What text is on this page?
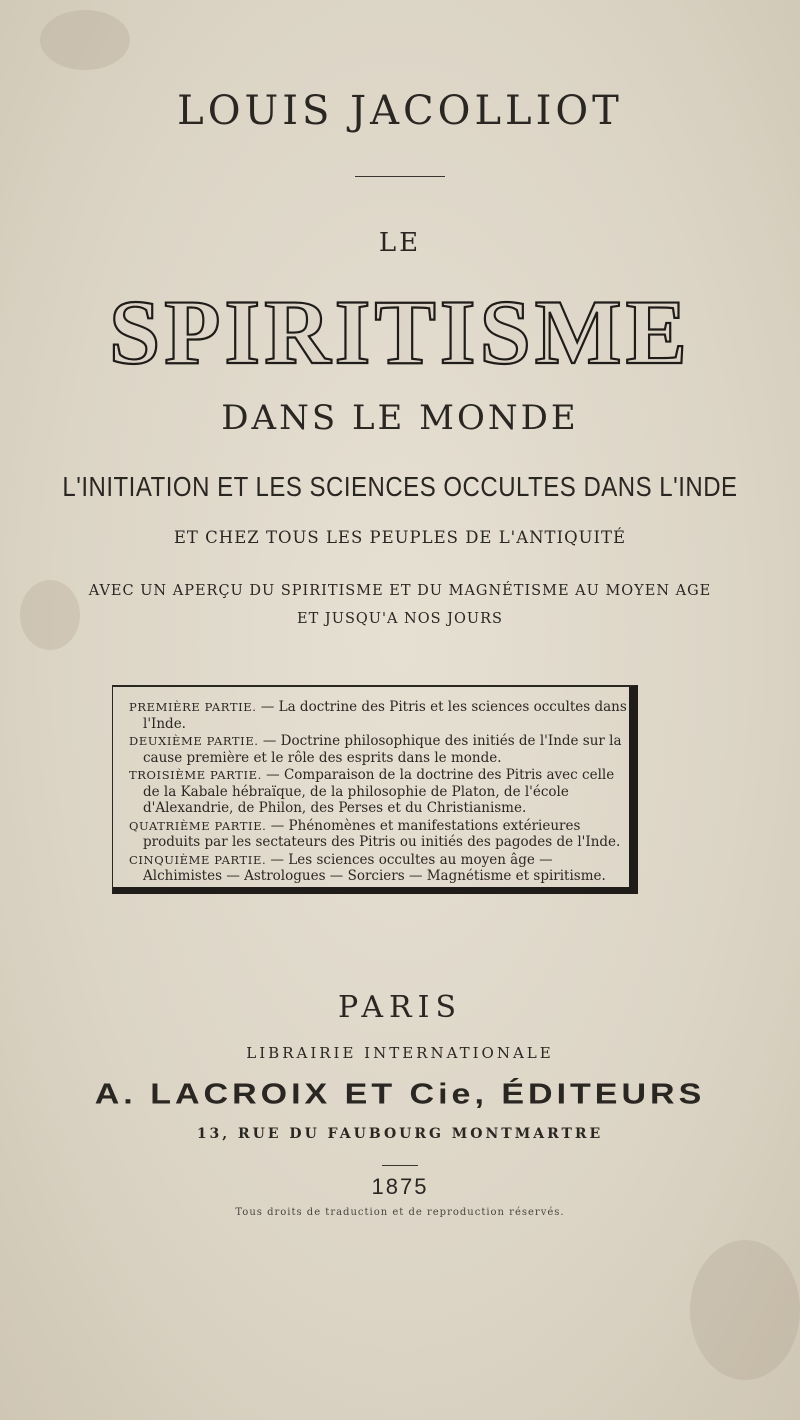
LOUIS JACOLLIOT
LE
SPIRITISME
DANS LE MONDE
L'INITIATION ET LES SCIENCES OCCULTES DANS L'INDE
ET CHEZ TOUS LES PEUPLES DE L'ANTIQUITÉ
AVEC UN APERÇU DU SPIRITISME ET DU MAGNÉTISME AU MOYEN AGE
ET JUSQU'A NOS JOURS

PREMIÈRE PARTIE. — La doctrine des Pitris et les sciences occultes dans l'Inde.

DEUXIÈME PARTIE. — Doctrine philosophique des initiés de l'Inde sur la cause première et le rôle des esprits dans le monde.

TROISIÈME PARTIE. — Comparaison de la doctrine des Pitris avec celle de la Kabale hébraïque, de la philosophie de Platon, de l'école d'Alexandrie, de Philon, des Perses et du Christianisme.

QUATRIÈME PARTIE. — Phénomènes et manifestations extérieures produits par les sectateurs des Pitris ou initiés des pagodes de l'Inde.

CINQUIÈME PARTIE. — Les sciences occultes au moyen âge — Alchimistes — Astrologues — Sorciers — Magnétisme et spiritisme.

PARIS
LIBRAIRIE INTERNATIONALE
A. LACROIX ET Cie, ÉDITEURS
13, RUE DU FAUBOURG MONTMARTRE
1875
Tous droits de traduction et de reproduction réservés.
